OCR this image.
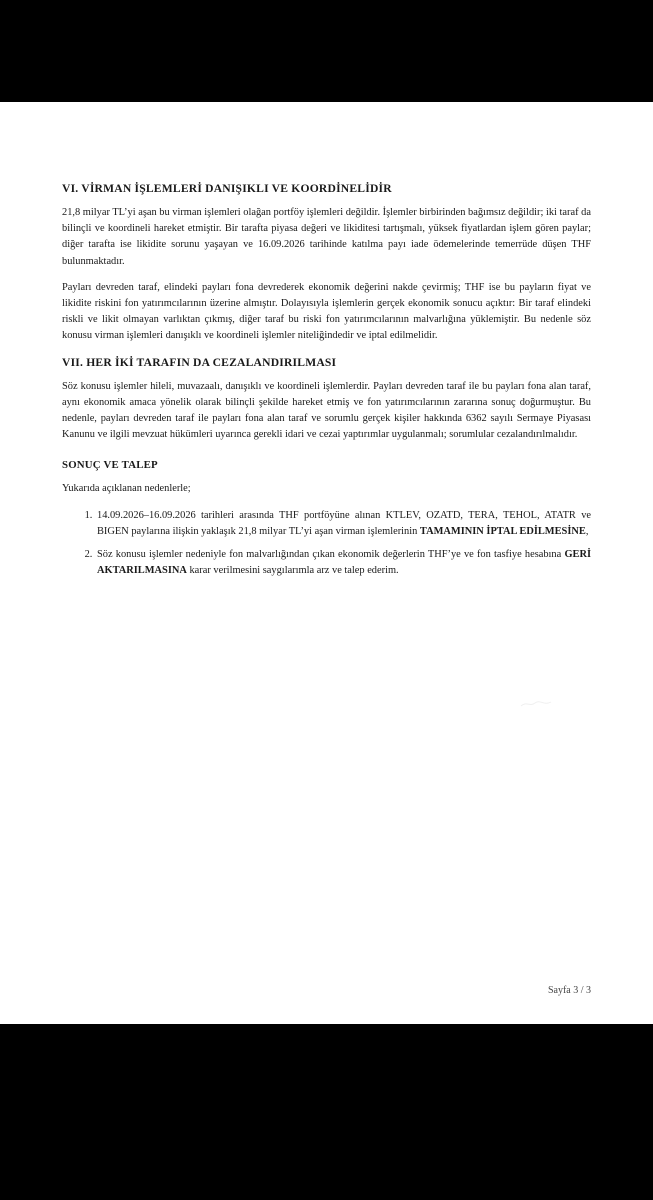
VI. VİRMAN İŞLEMLERİ DANIŞIKLI VE KOORDİNELİDİR

21,8 milyar TL’yi aşan bu virman işlemleri olağan portföy işlemleri değildir. İşlemler birbirinden bağımsız değildir; iki taraf da bilinçli ve koordineli hareket etmiştir. Bir tarafta piyasa değeri ve likiditesi tartışmalı, yüksek fiyatlardan işlem gören paylar; diğer tarafta ise likidite sorunu yaşayan ve 16.09.2026 tarihinde katılma payı iade ödemelerinde temerrüde düşen THF bulunmaktadır.

Payları devreden taraf, elindeki payları fona devrederek ekonomik değerini nakde çevirmiş; THF ise bu payların fiyat ve likidite riskini fon yatırımcılarının üzerine almıştır. Dolayısıyla işlemlerin gerçek ekonomik sonucu açıktır: Bir taraf elindeki riskli ve likit olmayan varlıktan çıkmış, diğer taraf bu riski fon yatırımcılarının malvarlığına yüklemiştir. Bu nedenle söz konusu virman işlemleri danışıklı ve koordineli işlemler niteliğindedir ve iptal edilmelidir.

VII. HER İKİ TARAFIN DA CEZALANDIRILMASI

Söz konusu işlemler hileli, muvazaalı, danışıklı ve koordineli işlemlerdir. Payları devreden taraf ile bu payları fona alan taraf, aynı ekonomik amaca yönelik olarak bilinçli şekilde hareket etmiş ve fon yatırımcılarının zararına sonuç doğurmuştur. Bu nedenle, payları devreden taraf ile payları fona alan taraf ve sorumlu gerçek kişiler hakkında 6362 sayılı Sermaye Piyasası Kanunu ve ilgili mevzuat hükümleri uyarınca gerekli idari ve cezai yaptırımlar uygulanmalı; sorumlular cezalandırılmalıdır.

SONUÇ VE TALEP

Yukarıda açıklanan nedenlerle;

1. 14.09.2026–16.09.2026 tarihleri arasında THF portföyüne alınan KTLEV, OZATD, TERA, TEHOL, ATATR ve BIGEN paylarına ilişkin yaklaşık 21,8 milyar TL’yi aşan virman işlemlerinin TAMAMININ İPTAL EDİLMESİNE,
2. Söz konusu işlemler nedeniyle fon malvarlığından çıkan ekonomik değerlerin THF’ye ve fon tasfiye hesabına GERİ AKTARILMASINA karar verilmesini saygılarımla arz ve talep ederim.
Sayfa 3 / 3
